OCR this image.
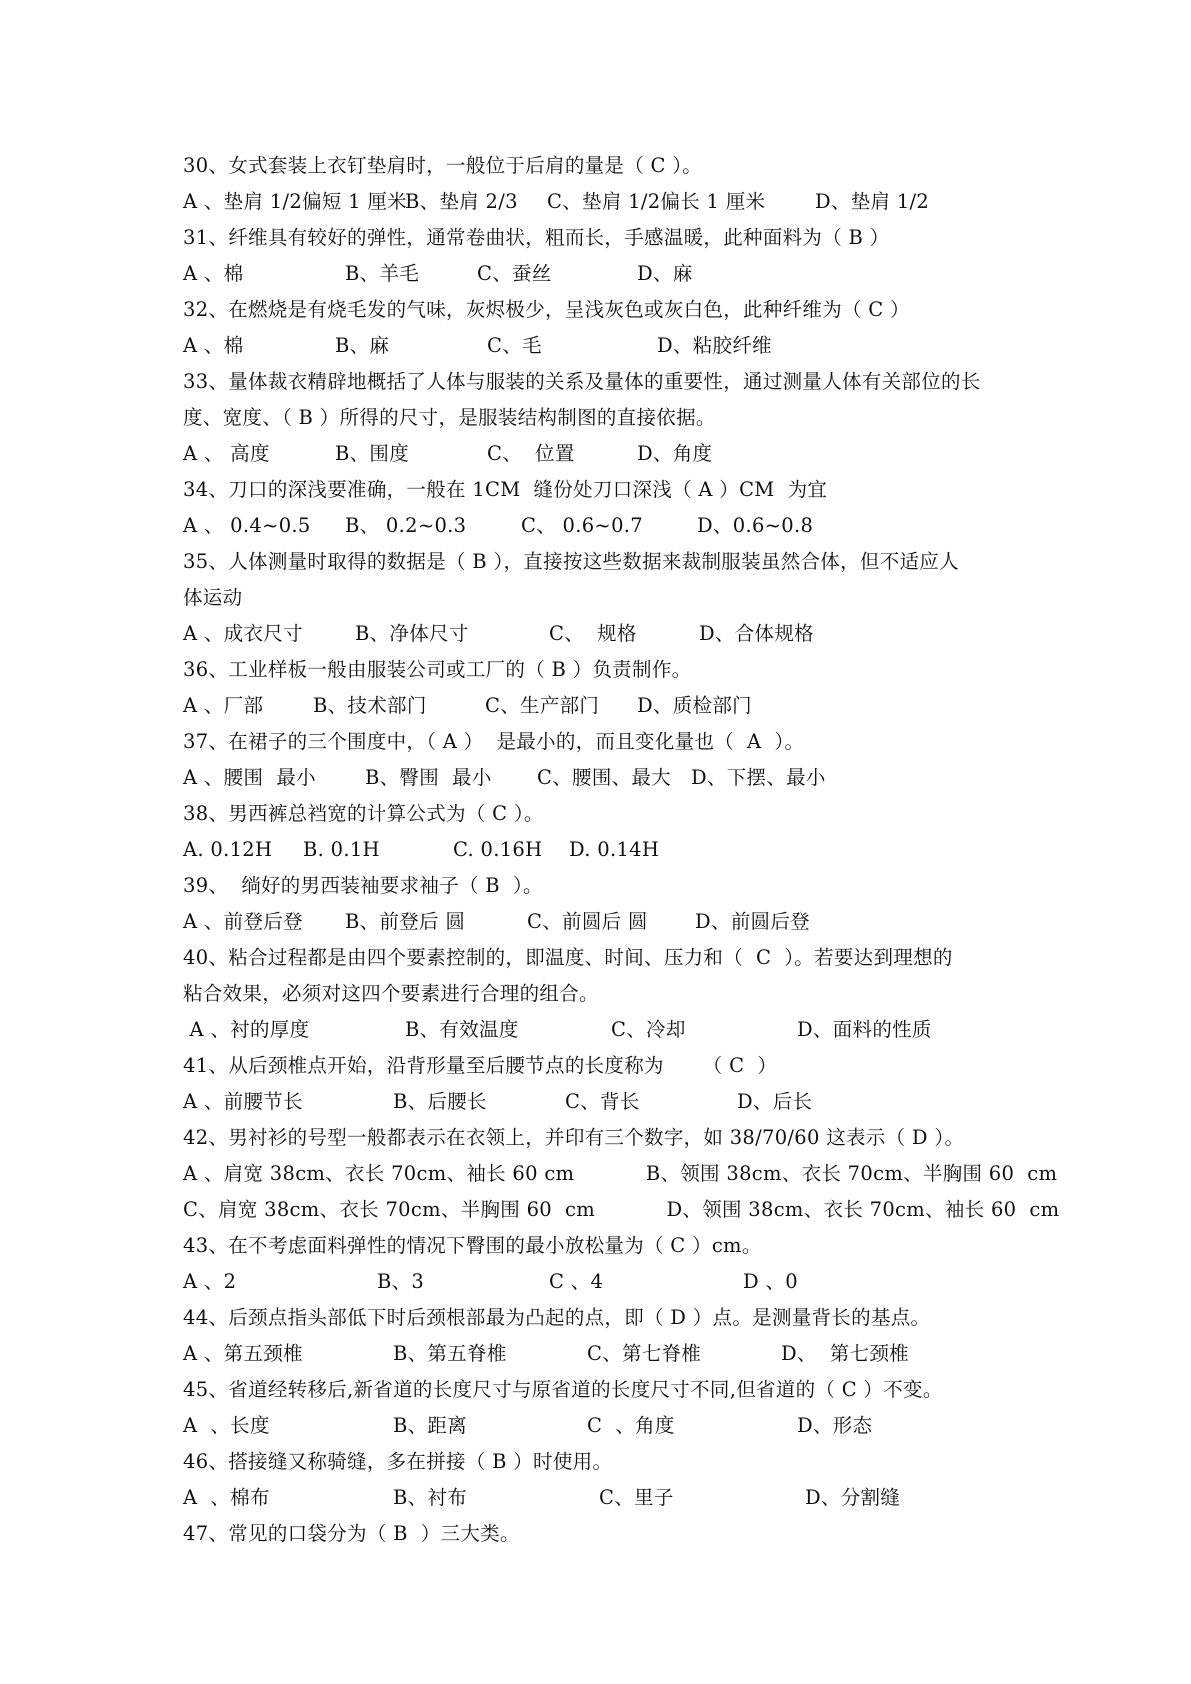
30、女式套装上衣钉垫肩时，一般位于后肩的量是（ C ）。
A 、垫肩 1/2偏短 1 厘米
B、垫肩 2/3	C、垫肩 1/2偏长 1 厘米	D、垫肩 1/2
31、纤维具有较好的弹性，通常卷曲状，粗而长，手感温暖，此种面料为（ B ）
A 、棉	B、羊毛	C、蚕丝	D、麻
32、在燃烧是有烧毛发的气味，灰烬极少，呈浅灰色或灰白色，此种纤维为（ C ）
A 、棉	B、麻	C、毛	D、粘胶纤维
33、量体裁衣精辟地概括了人体与服装的关系及量体的重要性，通过测量人体有关部位的长
度、宽度、（ B ）所得的尺寸，是服装结构制图的直接依据。
A 、 高度	B、围度	C、  位置	D、角度
34、刀口的深浅要准确，一般在 1CM  缝份处刀口深浅（ A ）CM  为宜
A 、 0.4~0.5	B、 0.2~0.3	C、 0.6~0.7	D、0.6~0.8
35、人体测量时取得的数据是（ B ），直接按这些数据来裁制服装虽然合体，但不适应人
体运动
A 、成衣尺寸	B、净体尺寸	C、  规格	D、合体规格
36、工业样板一般由服装公司或工厂的（ B ）负责制作。
A 、厂部	B、技术部门	C、生产部门	D、质检部门
37、在裙子的三个围度中，（ A ）  是最小的，而且变化量也（  A  ）。
A 、腰围  最小	B、臀围  最小	C、腰围、最大	D、下摆、最小
38、男西裤总裆宽的计算公式为（ C ）。
A. 0.12H	B. 0.1H	C. 0.16H	D. 0.14H
39、  绱好的男西装袖要求袖子（ B  ）。
A 、前登后登	B、前登后 圆	C、前圆后 圆	D、前圆后登
40、粘合过程都是由四个要素控制的，即温度、时间、压力和（  C  ）。若要达到理想的
粘合效果，必须对这四个要素进行合理的组合。
A 、衬的厚度	B、有效温度	C、冷却	D、面料的性质
41、从后颈椎点开始，沿背形量至后腰节点的长度称为      （ C  ）
A 、前腰节长	B、后腰长	C、背长	D、后长
42、男衬衫的号型一般都表示在衣领上，并印有三个数字，如 38/70/60 这表示（ D ）。
A 、肩宽 38cm、衣长 70cm、袖长 60 cm           B、领围 38cm、衣长 70cm、半胸围 60  cm
C、肩宽 38cm、衣长 70cm、半胸围 60  cm           D、领围 38cm、衣长 70cm、袖长 60  cm
43、在不考虑面料弹性的情况下臀围的最小放松量为（ C ）cm。
A 、2	B、3	C 、4	D 、0
44、后颈点指头部低下时后颈根部最为凸起的点，即（ D ）点。是测量背长的基点。
A 、第五颈椎	B、第五脊椎	C、第七脊椎	D、  第七颈椎
45、省道经转移后,新省道的长度尺寸与原省道的长度尺寸不同,但省道的（ C ）不变。
A  、长度	B、距离	C  、角度	D、形态
46、搭接缝又称骑缝，多在拼接（ B ）时使用。
A  、棉布	B、衬布	C、里子	D、分割缝
47、常见的口袋分为（ B  ）三大类。
